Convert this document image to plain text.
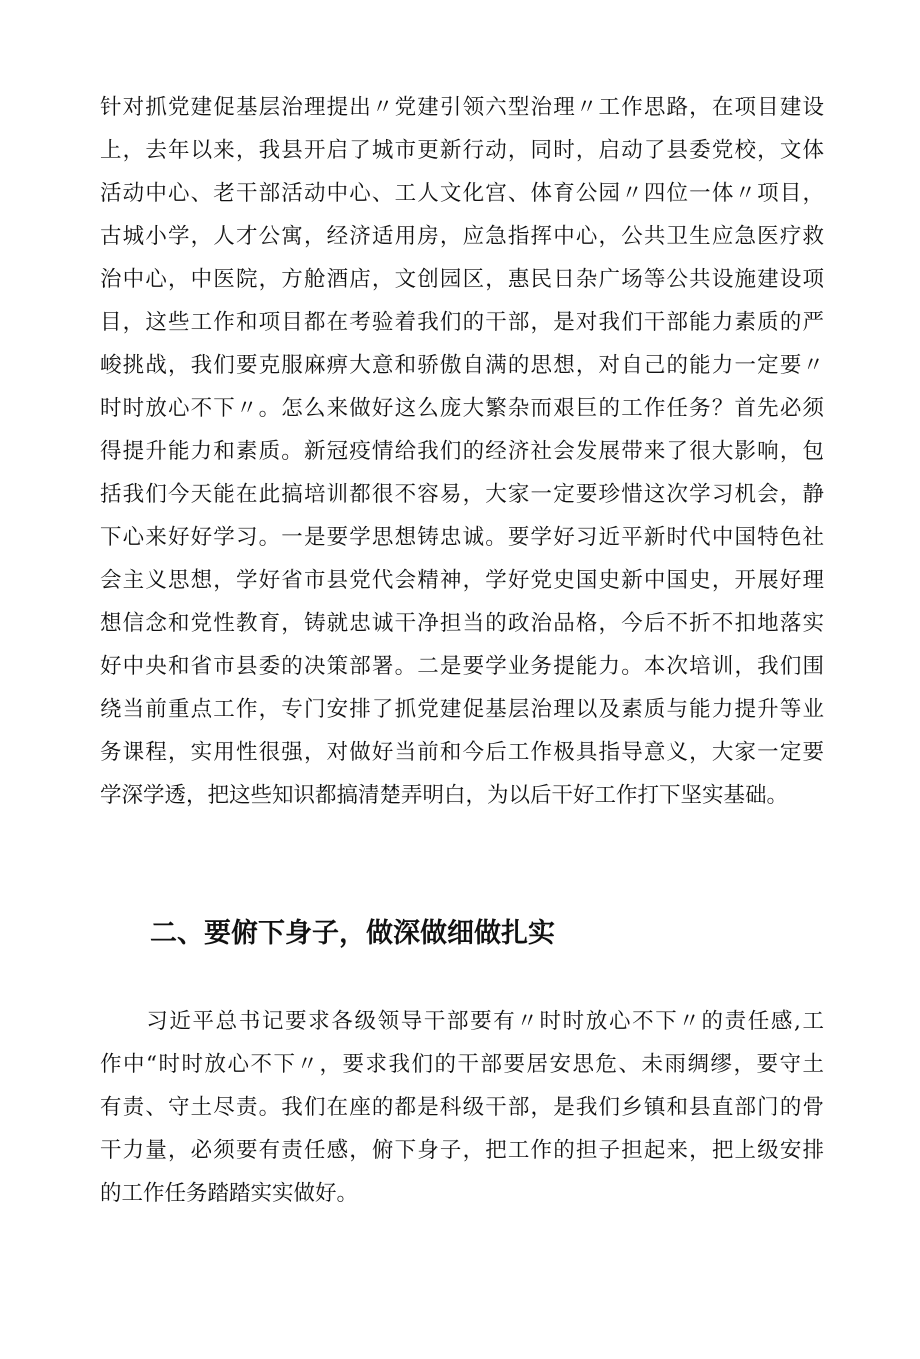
针对抓党建促基层治理提出〃党建引领六型治理〃工作思路，在项目建设
上，去年以来，我县开启了城市更新行动，同时，启动了县委党校，文体
活动中心、老干部活动中心、工人文化宫、体育公园〃四位一体〃项目，
古城小学，人才公寓，经济适用房，应急指挥中心，公共卫生应急医疗救
治中心，中医院，方舱酒店，文创园区，惠民日杂广场等公共设施建设项
目，这些工作和项目都在考验着我们的干部，是对我们干部能力素质的严
峻挑战，我们要克服麻痹大意和骄傲自满的思想，对自己的能力一定要〃
时时放心不下〃。怎么来做好这么庞大繁杂而艰巨的工作任务？首先必须
得提升能力和素质。新冠疫情给我们的经济社会发展带来了很大影响，包
括我们今天能在此搞培训都很不容易，大家一定要珍惜这次学习机会，静
下心来好好学习。一是要学思想铸忠诚。要学好习近平新时代中国特色社
会主义思想，学好省市县党代会精神，学好党史国史新中国史，开展好理
想信念和党性教育，铸就忠诚干净担当的政治品格，今后不折不扣地落实
好中央和省市县委的决策部署。二是要学业务提能力。本次培训，我们围
绕当前重点工作，专门安排了抓党建促基层治理以及素质与能力提升等业
务课程，实用性很强，对做好当前和今后工作极具指导意义，大家一定要
学深学透，把这些知识都搞清楚弄明白，为以后干好工作打下坚实基础。
二、要俯下身子，做深做细做扎实
　　习近平总书记要求各级领导干部要有〃时时放心不下〃的责任感,工
作中“时时放心不下〃，要求我们的干部要居安思危、未雨绸缪，要守土
有责、守土尽责。我们在座的都是科级干部，是我们乡镇和县直部门的骨
干力量，必须要有责任感，俯下身子，把工作的担子担起来，把上级安排
的工作任务踏踏实实做好。
